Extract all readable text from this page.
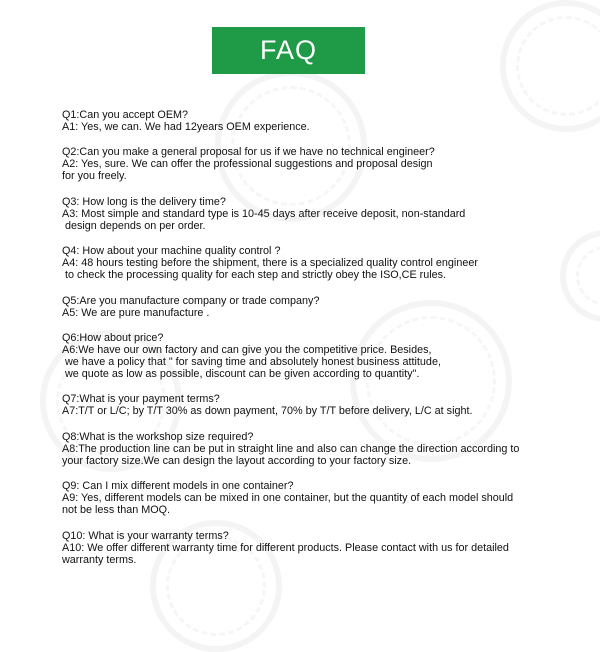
FAQ
Q1:Can you accept OEM?
A1: Yes, we can. We had 12years OEM experience.
Q2:Can you make a general proposal for us if we have no technical engineer?
A2: Yes, sure. We can offer the professional suggestions and proposal design
for you freely.
Q3: How long is the delivery time?
A3: Most simple and standard type is 10-45 days after receive deposit, non-standard
design depends on per order.
Q4: How about your machine quality control ?
A4: 48 hours testing before the shipment, there is a specialized quality control engineer
to check the processing quality for each step and strictly obey the ISO,CE rules.
Q5:Are you manufacture company or trade company?
A5: We are pure manufacture .
Q6:How about price?
A6:We have our own factory and can give you the competitive price. Besides,
we have a policy that " for saving time and absolutely honest business attitude,
we quote as low as possible, discount can be given according to quantity".
Q7:What is your payment terms?
A7:T/T or L/C; by T/T 30% as down payment, 70% by T/T before delivery, L/C at sight.
Q8:What is the workshop size required?
A8:The production line can be put in straight line and also can change the direction according to
your factory size.We can design the layout according to your factory size.
Q9: Can I mix different models in one container?
A9: Yes, different models can be mixed in one container, but the quantity of each model should
not be less than MOQ.
Q10: What is your warranty terms?
A10: We offer different warranty time for different products. Please contact with us for detailed
warranty terms.
